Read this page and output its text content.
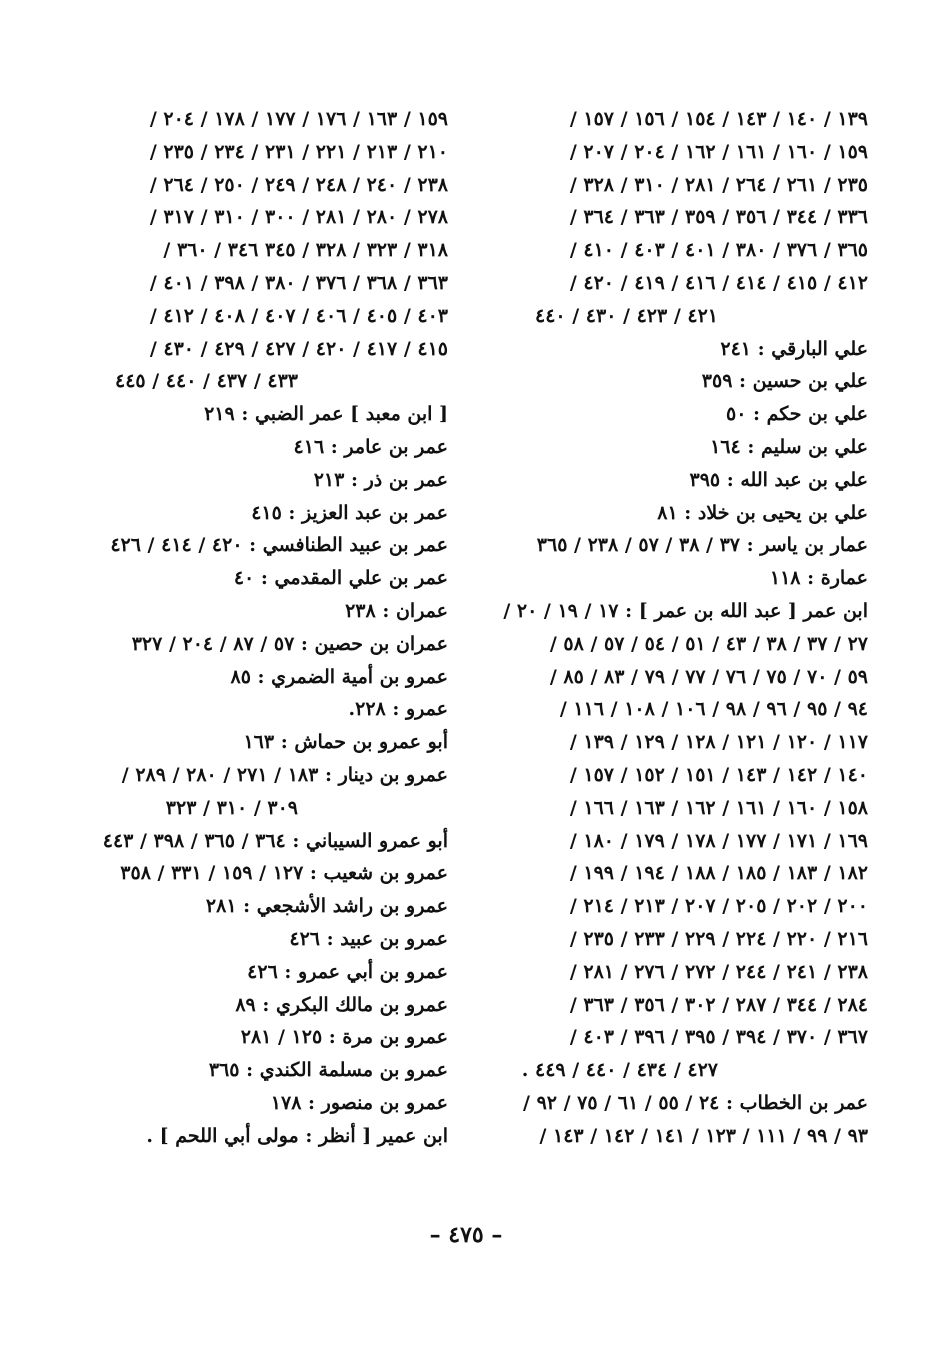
١٣٩ / ١٤٠ / ١٤٣ / ١٥٤ / ١٥٦ / ١٥٧ /
١٥٩ / ١٦٠ / ١٦١ / ١٦٢ / ٢٠٤ / ٢٠٧ /
٢٣٥ / ٢٦١ / ٢٦٤ / ٢٨١ / ٣١٠ / ٣٢٨ /
٣٣٦ / ٣٤٤ / ٣٥٦ / ٣٥٩ / ٣٦٣ / ٣٦٤ /
٣٦٥ / ٣٧٦ / ٣٨٠ / ٤٠١ / ٤٠٣ / ٤١٠ /
٤١٢ / ٤١٥ / ٤١٤ / ٤١٦ / ٤١٩ / ٤٢٠ /
٤٢١ / ٤٢٣ / ٤٣٠ / ٤٤٠
علي البارقي : ٢٤١
علي بن حسين : ٣٥٩
علي بن حكم : ٥٠
علي بن سليم : ١٦٤
علي بن عبد الله : ٣٩٥
علي بن يحيى بن خلاد : ٨١
عمار بن ياسر : ٣٧ / ٣٨ / ٥٧ / ٢٣٨ / ٣٦٥
عمارة : ١١٨
ابن عمر [ عبد الله بن عمر ] : ١٧ / ١٩ / ٢٠ /
٢٧ / ٣٧ / ٣٨ / ٤٣ / ٥١ / ٥٤ / ٥٧ / ٥٨ /
٥٩ / ٧٠ / ٧٥ / ٧٦ / ٧٧ / ٧٩ / ٨٣ / ٨٥ /
٩٤ / ٩٥ / ٩٦ / ٩٨ / ١٠٦ / ١٠٨ / ١١٦ /
١١٧ / ١٢٠ / ١٢١ / ١٢٨ / ١٢٩ / ١٣٩ /
١٤٠ / ١٤٢ / ١٤٣ / ١٥١ / ١٥٢ / ١٥٧ /
١٥٨ / ١٦٠ / ١٦١ / ١٦٢ / ١٦٣ / ١٦٦ /
١٦٩ / ١٧١ / ١٧٧ / ١٧٨ / ١٧٩ / ١٨٠ /
١٨٢ / ١٨٣ / ١٨٥ / ١٨٨ / ١٩٤ / ١٩٩ /
٢٠٠ / ٢٠٢ / ٢٠٥ / ٢٠٧ / ٢١٣ / ٢١٤ /
٢١٦ / ٢٢٠ / ٢٢٤ / ٢٢٩ / ٢٣٣ / ٢٣٥ /
٢٣٨ / ٢٤١ / ٢٤٤ / ٢٧٢ / ٢٧٦ / ٢٨١ /
٢٨٤ / ٣٤٤ / ٢٨٧ / ٣٠٢ / ٣٥٦ / ٣٦٣ /
٣٦٧ / ٣٧٠ / ٣٩٤ / ٣٩٥ / ٣٩٦ / ٤٠٣ /
٤٢٧ / ٤٣٤ / ٤٤٠ / ٤٤٩ .
عمر بن الخطاب : ٢٤ / ٥٥ / ٦١ / ٧٥ / ٩٢ /
٩٣ / ٩٩ / ١١١ / ١٢٣ / ١٤١ / ١٤٢ / ١٤٣ /
١٥٩ / ١٦٣ / ١٧٦ / ١٧٧ / ١٧٨ / ٢٠٤ /
٢١٠ / ٢١٣ / ٢٢١ / ٢٣١ / ٢٣٤ / ٢٣٥ /
٢٣٨ / ٢٤٠ / ٢٤٨ / ٢٤٩ / ٢٥٠ / ٢٦٤ /
٢٧٨ / ٢٨٠ / ٢٨١ / ٣٠٠ / ٣١٠ / ٣١٧ /
٣١٨ / ٣٢٣ / ٣٢٨ / ٣٤٥ ٣٤٦ / ٣٦٠ /
٣٦٣ / ٣٦٨ / ٣٧٦ / ٣٨٠ / ٣٩٨ / ٤٠١ /
٤٠٣ / ٤٠٥ / ٤٠٦ / ٤٠٧ / ٤٠٨ / ٤١٢ /
٤١٥ / ٤١٧ / ٤٢٠ / ٤٢٧ / ٤٢٩ / ٤٣٠ /
٤٣٣ / ٤٣٧ / ٤٤٠ / ٤٤٥
[ ابن معبد ] عمر الضبي : ٢١٩
عمر بن عامر : ٤١٦
عمر بن ذر : ٢١٣
عمر بن عبد العزيز : ٤١٥
عمر بن عبيد الطنافسي : ٤٢٠ / ٤١٤ / ٤٢٦
عمر بن علي المقدمي : ٤٠
عمران : ٢٣٨
عمران بن حصين : ٥٧ / ٨٧ / ٢٠٤ / ٣٢٧
عمرو بن أمية الضمري : ٨٥
عمرو : ٢٢٨.
أبو عمرو بن حماش : ١٦٣
عمرو بن دينار : ١٨٣ / ٢٧١ / ٢٨٠ / ٢٨٩ /
٣٠٩ / ٣١٠ / ٣٢٣
أبو عمرو السيباني : ٣٦٤ / ٣٦٥ / ٣٩٨ / ٤٤٣
عمرو بن شعيب : ١٢٧ / ١٥٩ / ٣٣١ / ٣٥٨
عمرو بن راشد الأشجعي : ٢٨١
عمرو بن عبيد : ٤٢٦
عمرو بن أبي عمرو : ٤٢٦
عمرو بن مالك البكري : ٨٩
عمرو بن مرة : ١٢٥ / ٢٨١
عمرو بن مسلمة الكندي : ٣٦٥
عمرو بن منصور : ١٧٨
ابن عمير [ أنظر : مولى أبي اللحم ] .
– ٤٧٥ –
